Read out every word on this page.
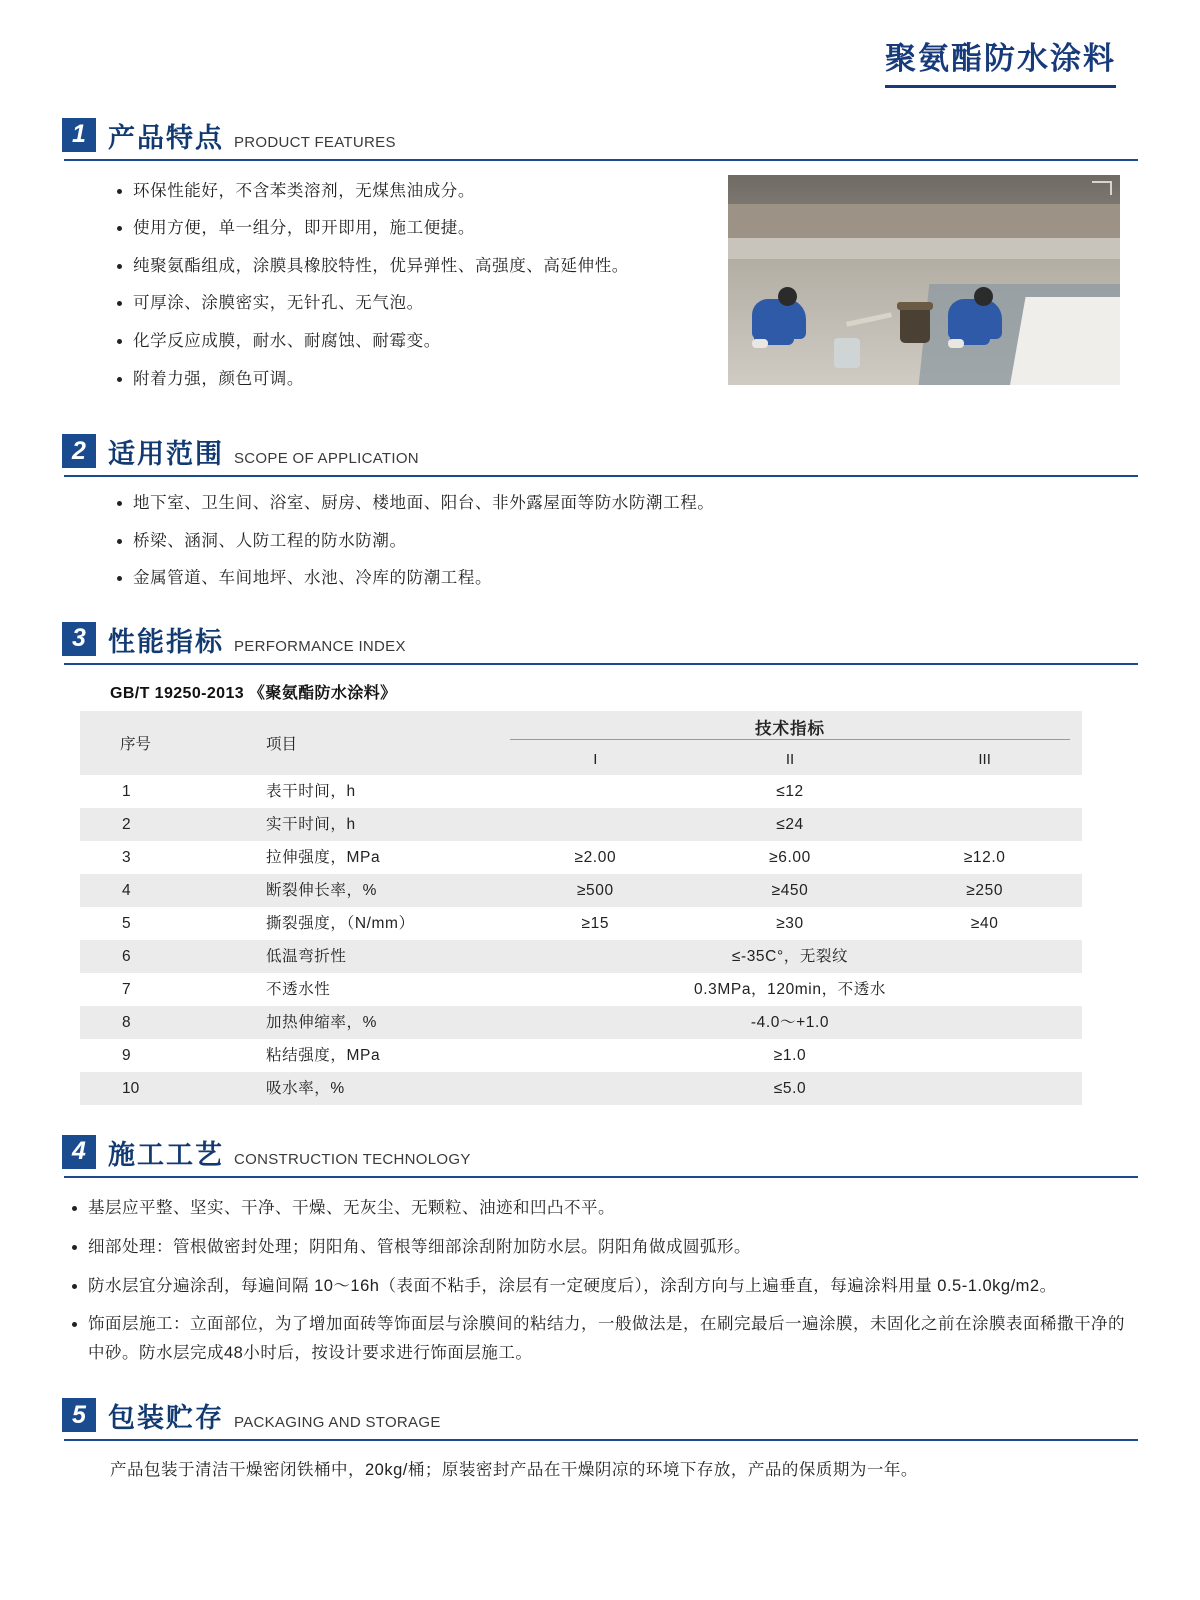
聚氨酯防水涂料
1 产品特点 PRODUCT FEATURES
环保性能好，不含苯类溶剂，无煤焦油成分。
使用方便，单一组分，即开即用，施工便捷。
纯聚氨酯组成，涂膜具橡胶特性，优异弹性、高强度、高延伸性。
可厚涂、涂膜密实，无针孔、无气泡。
化学反应成膜，耐水、耐腐蚀、耐霉变。
附着力强，颜色可调。
2 适用范围 SCOPE OF APPLICATION
地下室、卫生间、浴室、厨房、楼地面、阳台、非外露屋面等防水防潮工程。
桥梁、涵洞、人防工程的防水防潮。
金属管道、车间地坪、水池、冷库的防潮工程。
3 性能指标 PERFORMANCE INDEX
GB/T 19250-2013 《聚氨酯防水涂料》
序号	项目	技术指标		

		I	II	III
1	表干时间，h	≤12		
2	实干时间，h	≤24		
3	拉伸强度，MPa	≥2.00	≥6.00	≥12.0
4	断裂伸长率，%	≥500	≥450	≥250
5	撕裂强度，（N/mm）	≥15	≥30	≥40
6	低温弯折性	≤-35C°，无裂纹		
7	不透水性	0.3MPa，120min，不透水		
8	加热伸缩率，%	-4.0～+1.0		
9	粘结强度，MPa	≥1.0		
10	吸水率，%	≤5.0		
4 施工工艺 CONSTRUCTION TECHNOLOGY
基层应平整、坚实、干净、干燥、无灰尘、无颗粒、油迹和凹凸不平。
细部处理：管根做密封处理；阴阳角、管根等细部涂刮附加防水层。阴阳角做成圆弧形。
防水层宜分遍涂刮，每遍间隔 10～16h（表面不粘手，涂层有一定硬度后），涂刮方向与上遍垂直，每遍涂料用量 0.5-1.0kg/m2。
饰面层施工：立面部位，为了增加面砖等饰面层与涂膜间的粘结力，一般做法是，在刷完最后一遍涂膜，未固化之前在涂膜表面稀撒干净的中砂。防水层完成48小时后，按设计要求进行饰面层施工。
5 包装贮存 PACKAGING AND STORAGE
产品包装于清洁干燥密闭铁桶中，20kg/桶；原装密封产品在干燥阴凉的环境下存放，产品的保质期为一年。
